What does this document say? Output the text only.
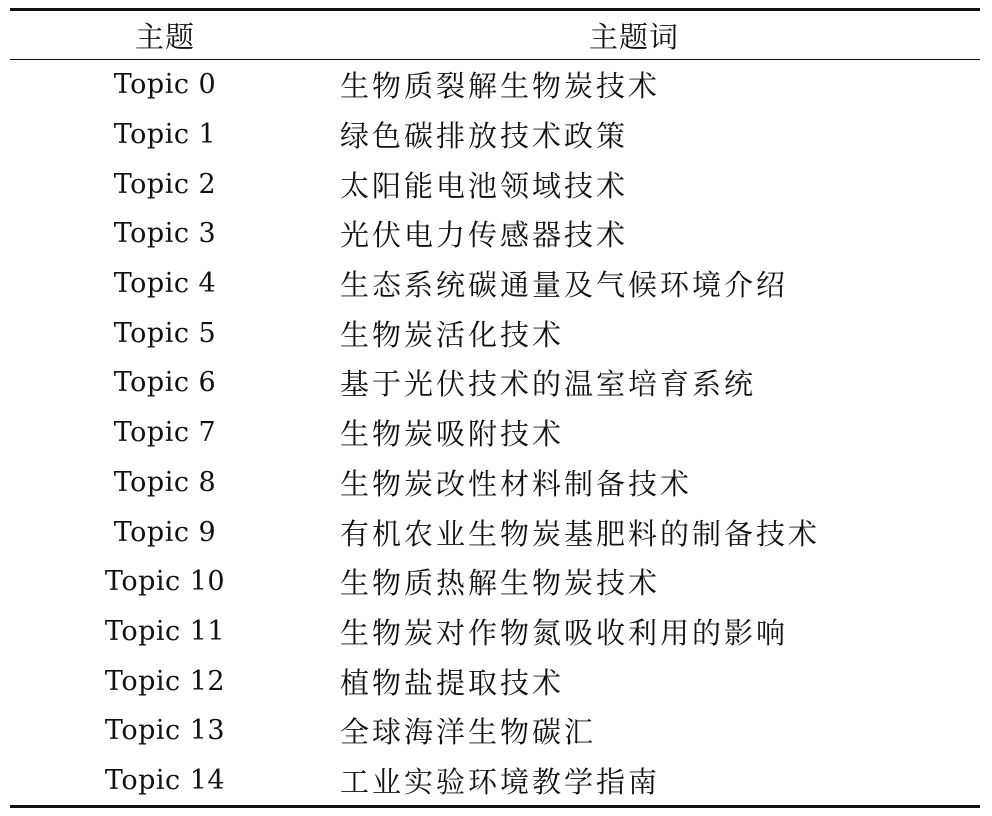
主题	主题词
Topic 0	生物质裂解生物炭技术
Topic 1	绿色碳排放技术政策
Topic 2	太阳能电池领域技术
Topic 3	光伏电力传感器技术
Topic 4	生态系统碳通量及气候环境介绍
Topic 5	生物炭活化技术
Topic 6	基于光伏技术的温室培育系统
Topic 7	生物炭吸附技术
Topic 8	生物炭改性材料制备技术
Topic 9	有机农业生物炭基肥料的制备技术
Topic 10	生物质热解生物炭技术
Topic 11	生物炭对作物氮吸收利用的影响
Topic 12	植物盐提取技术
Topic 13	全球海洋生物碳汇
Topic 14	工业实验环境教学指南
